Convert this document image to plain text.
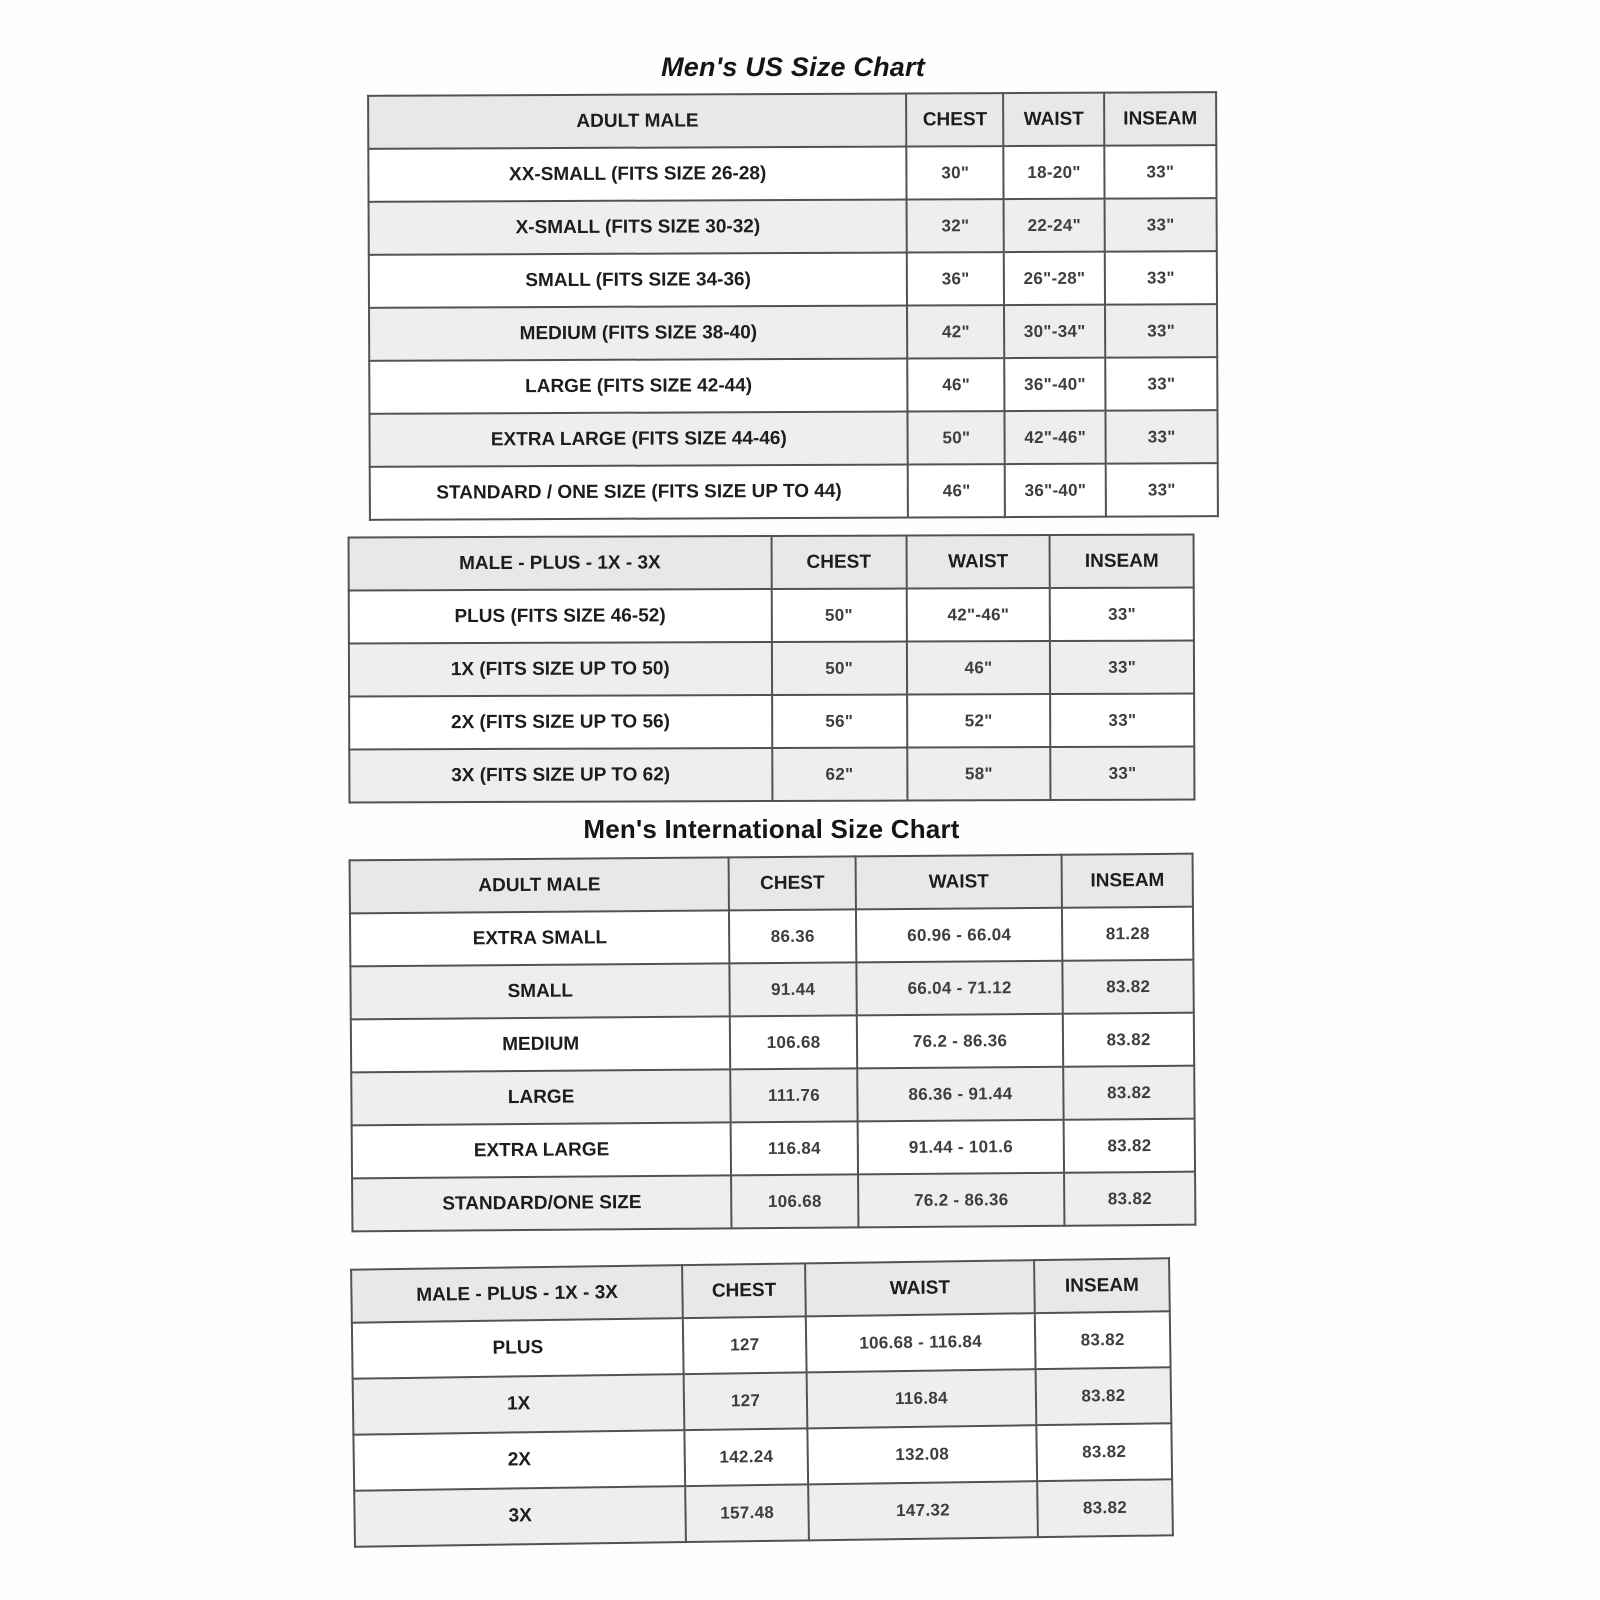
Men's US Size Chart
ADULT MALE	CHEST	WAIST	INSEAM
XX-SMALL (FITS SIZE 26-28)	30"	18-20"	33"
X-SMALL (FITS SIZE 30-32)	32"	22-24"	33"
SMALL (FITS SIZE 34-36)	36"	26"-28"	33"
MEDIUM (FITS SIZE 38-40)	42"	30"-34"	33"
LARGE (FITS SIZE 42-44)	46"	36"-40"	33"
EXTRA LARGE (FITS SIZE 44-46)	50"	42"-46"	33"
STANDARD / ONE SIZE (FITS SIZE UP TO 44)	46"	36"-40"	33"
MALE - PLUS - 1X - 3X	CHEST	WAIST	INSEAM
PLUS (FITS SIZE 46-52)	50"	42"-46"	33"
1X (FITS SIZE UP TO 50)	50"	46"	33"
2X (FITS SIZE UP TO 56)	56"	52"	33"
3X (FITS SIZE UP TO 62)	62"	58"	33"
Men's International Size Chart
ADULT MALE	CHEST	WAIST	INSEAM
EXTRA SMALL	86.36	60.96 - 66.04	81.28
SMALL	91.44	66.04 - 71.12	83.82
MEDIUM	106.68	76.2 - 86.36	83.82
LARGE	111.76	86.36 - 91.44	83.82
EXTRA LARGE	116.84	91.44 - 101.6	83.82
STANDARD/ONE SIZE	106.68	76.2 - 86.36	83.82
MALE - PLUS - 1X - 3X	CHEST	WAIST	INSEAM
PLUS	127	106.68 - 116.84	83.82
1X	127	116.84	83.82
2X	142.24	132.08	83.82
3X	157.48	147.32	83.82
